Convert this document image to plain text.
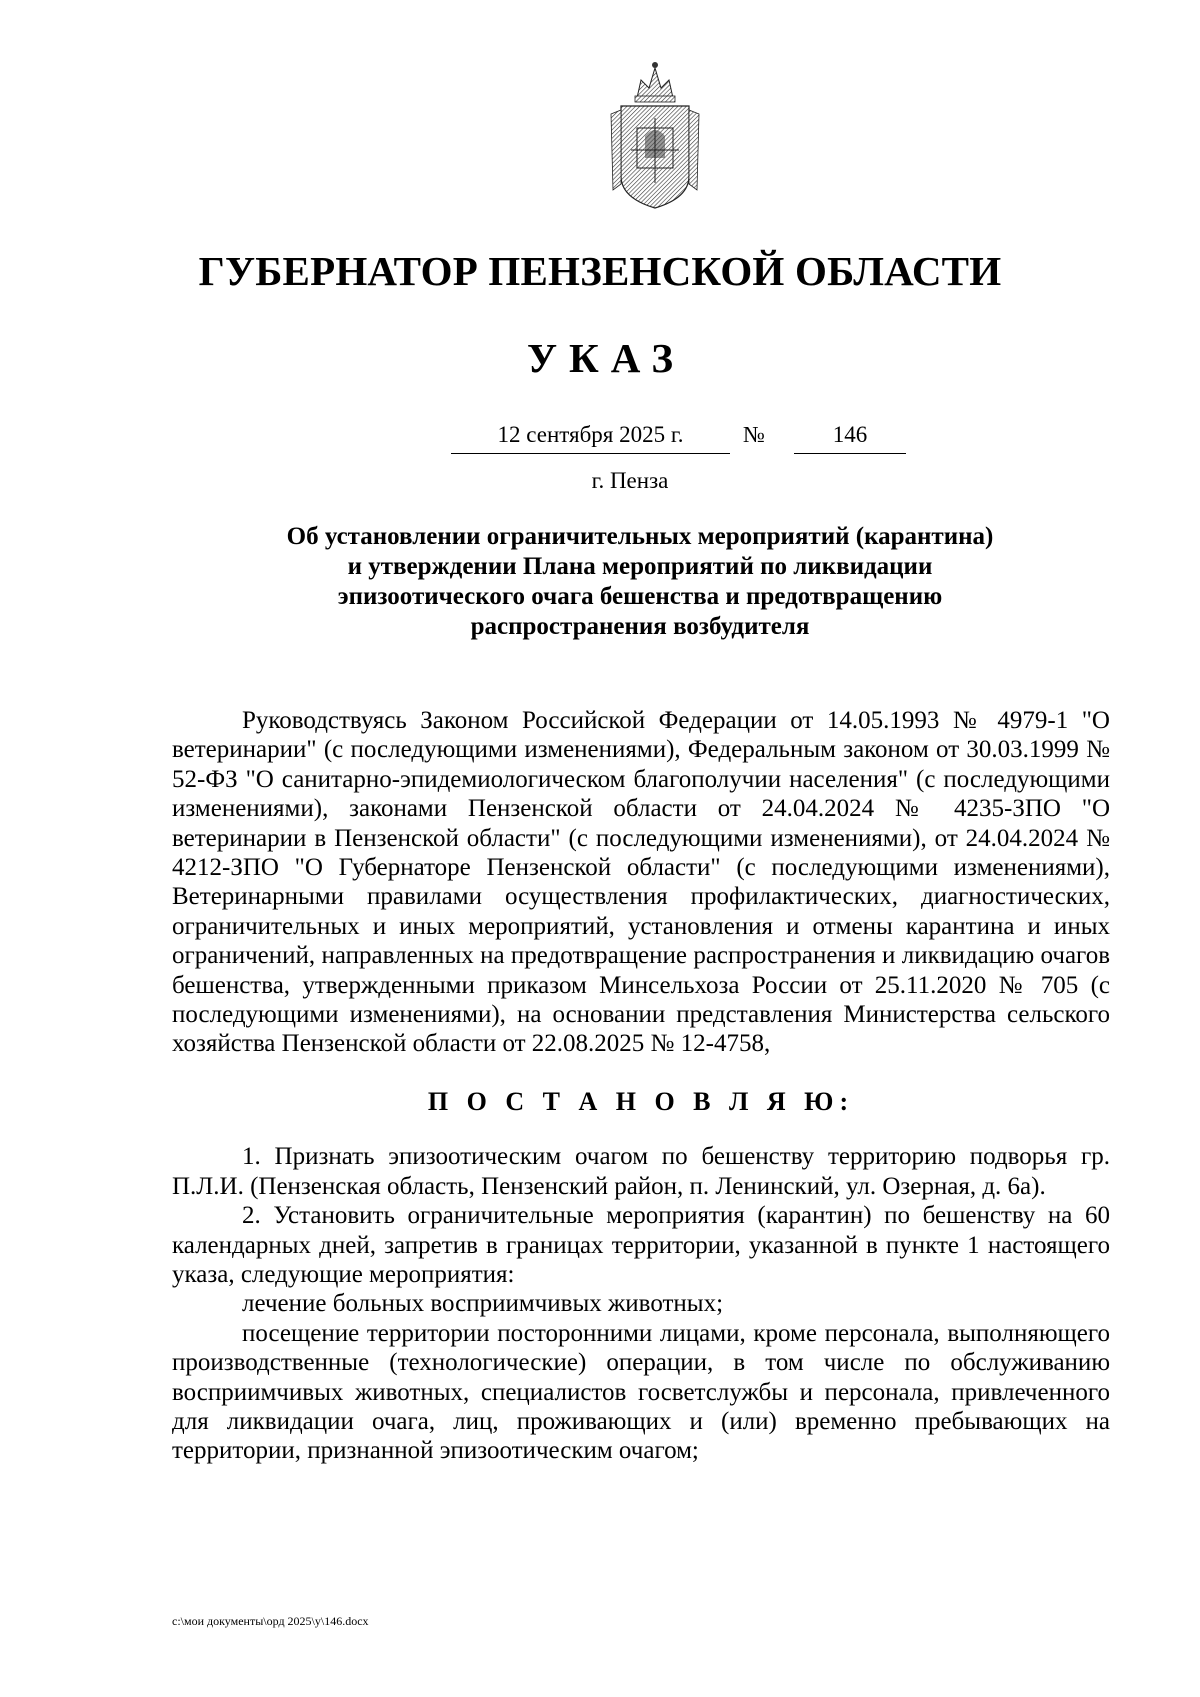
ГУБЕРНАТОР ПЕНЗЕНСКОЙ ОБЛАСТИ
УКАЗ
12 сентября 2025 г.	№	146
г. Пенза
Об установлении ограничительных мероприятий (карантина)
и утверждении Плана мероприятий по ликвидации
эпизоотического очага бешенства и предотвращению
распространения возбудителя

Руководствуясь Законом Российской Федерации от 14.05.1993 № 4979-1 "О ветеринарии" (с последующими изменениями), Федеральным законом от 30.03.1999 № 52-ФЗ "О санитарно-эпидемиологическом благополучии населения" (с последующими изменениями), законами Пензенской области от 24.04.2024 № 4235-ЗПО "О ветеринарии в Пензенской области" (с последующими изменениями), от 24.04.2024 № 4212-ЗПО "О Губернаторе Пензенской области" (с последующими изменениями), Ветеринарными правилами осуществления профилактических, диагностических, ограничительных и иных мероприятий, установления и отмены карантина и иных ограничений, направленных на предотвращение распространения и ликвидацию очагов бешенства, утвержденными приказом Минсельхоза России от 25.11.2020 № 705 (с последующими изменениями), на основании представления Министерства сельского хозяйства Пензенской области от 22.08.2025 № 12-4758,

П О С Т А Н О В Л Я Ю:

1. Признать эпизоотическим очагом по бешенству территорию подворья гр. П.Л.И. (Пензенская область, Пензенский район, п. Ленинский, ул. Озерная, д. 6а).

2. Установить ограничительные мероприятия (карантин) по бешенству на 60 календарных дней, запретив в границах территории, указанной в пункте 1 настоящего указа, следующие мероприятия:

лечение больных восприимчивых животных;

посещение территории посторонними лицами, кроме персонала, выполняющего производственные (технологические) операции, в том числе по обслуживанию восприимчивых животных, специалистов госветслужбы и персонала, привлеченного для ликвидации очага, лиц, проживающих и (или) временно пребывающих на территории, признанной эпизоотическим очагом;

c:\мои документы\орд 2025\у\146.docx
